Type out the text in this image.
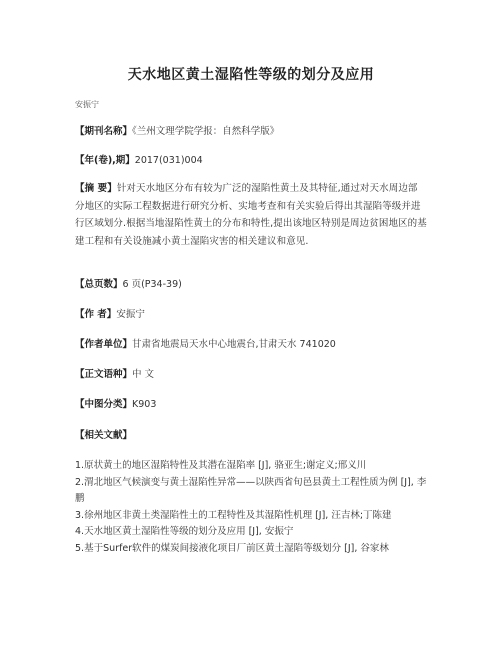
天水地区黄土湿陷性等级的划分及应用
安振宁
【期刊名称】《兰州文理学院学报：自然科学版》
【年(卷),期】2017(031)004
【摘 要】针对天水地区分布有较为广泛的湿陷性黄土及其特征,通过对天水周边部分地区的实际工程数据进行研究分析、实地考查和有关实验后得出其湿陷等级并进行区域划分.根据当地湿陷性黄土的分布和特性,提出该地区特别是周边贫困地区的基建工程和有关设施减小黄土湿陷灾害的相关建议和意见.
【总页数】6 页(P34-39)
【作 者】安振宁
【作者单位】甘肃省地震局天水中心地震台,甘肃天水 741020
【正文语种】中 文
【中图分类】K903
【相关文献】
1.原状黄土的地区湿陷特性及其潜在湿陷率 [J], 骆亚生;谢定义;邢义川
2.渭北地区气候演变与黄土湿陷性异常——以陕西省旬邑县黄土工程性质为例 [J], 李鹏
3.徐州地区非黄土类湿陷性土的工程特性及其湿陷性机理 [J], 汪吉林;丁陈建
4.天水地区黄土湿陷性等级的划分及应用 [J], 安振宁
5.基于Surfer软件的煤炭间接液化项目厂前区黄土湿陷等级划分 [J], 谷家林
